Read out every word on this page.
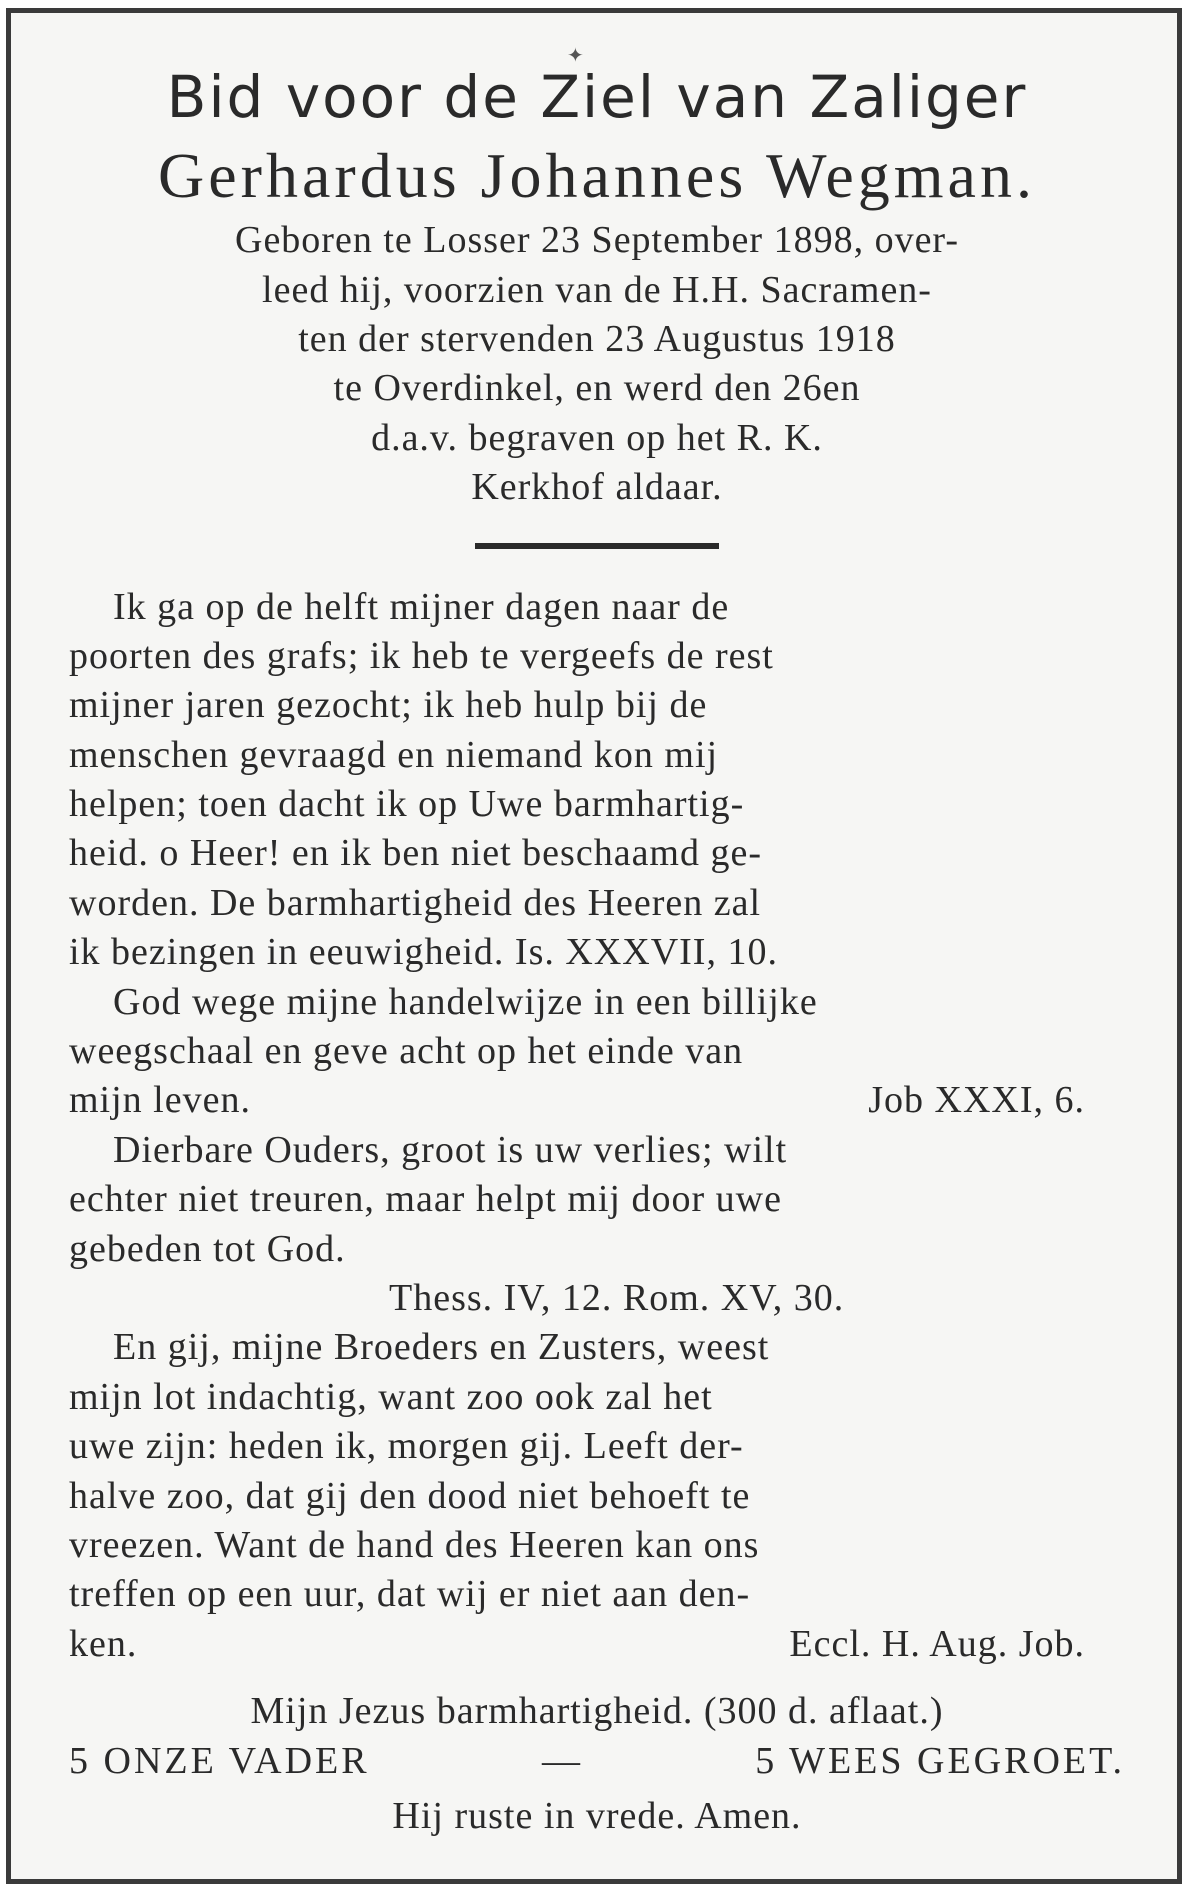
✦
Bid voor de Ziel van Zaliger
Gerhardus Johannes Wegman.
Geboren te Losser 23 September 1898, over-
leed hij, voorzien van de H.H. Sacramen-
ten der stervenden 23 Augustus 1918
te Overdinkel, en werd den 26en
d.a.v. begraven op het R. K.
Kerkhof aldaar.
Ik ga op de helft mijner dagen naar de
poorten des grafs; ik heb te vergeefs de rest
mijner jaren gezocht; ik heb hulp bij de
menschen gevraagd en niemand kon mij
helpen; toen dacht ik op Uwe barmhartig-
heid. o Heer! en ik ben niet beschaamd ge-
worden. De barmhartigheid des Heeren zal
ik bezingen in eeuwigheid. Is. XXXVII, 10.
God wege mijne handelwijze in een billijke
weegschaal en geve acht op het einde van
mijn leven.	Job XXXI, 6.
Dierbare Ouders, groot is uw verlies; wilt
echter niet treuren, maar helpt mij door uwe
gebeden tot God.
Thess. IV, 12. Rom. XV, 30.
En gij, mijne Broeders en Zusters, weest
mijn lot indachtig, want zoo ook zal het
uwe zijn: heden ik, morgen gij. Leeft der-
halve zoo, dat gij den dood niet behoeft te
vreezen. Want de hand des Heeren kan ons
treffen op een uur, dat wij er niet aan den-
ken.	Eccl. H. Aug. Job.
Mijn Jezus barmhartigheid. (300 d. aflaat.)
5 ONZE VADER	—	5 WEES GEGROET.
Hij ruste in vrede. Amen.
